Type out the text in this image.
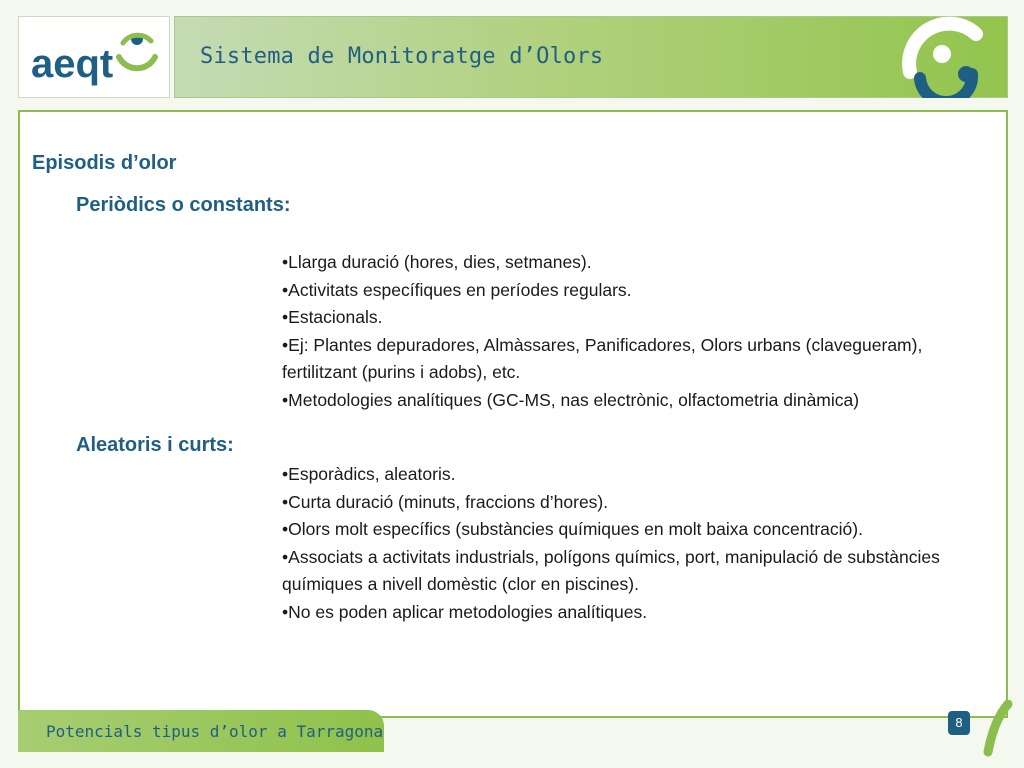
aeqt	Sistema de Monitoratge d’Olors
Episodis d’olor
Periòdics o constants:
• Llarga duració (hores, dies, setmanes).
• Activitats específiques en períodes regulars.
• Estacionals.
• Ej: Plantes depuradores, Almàssares, Panificadores, Olors urbans (clavegueram), fertilitzant (purins i adobs), etc.
• Metodologies analítiques (GC-MS, nas electrònic, olfactometria dinàmica)
Aleatoris i curts:
• Esporàdics, aleatoris.
• Curta duració (minuts, fraccions d’hores).
• Olors molt específics (substàncies químiques en molt baixa concentració).
• Associats a activitats industrials, polígons químics, port, manipulació de substàncies químiques a nivell domèstic (clor en piscines).
• No es poden aplicar metodologies analítiques.
Potencials tipus d’olor a Tarragona	8
